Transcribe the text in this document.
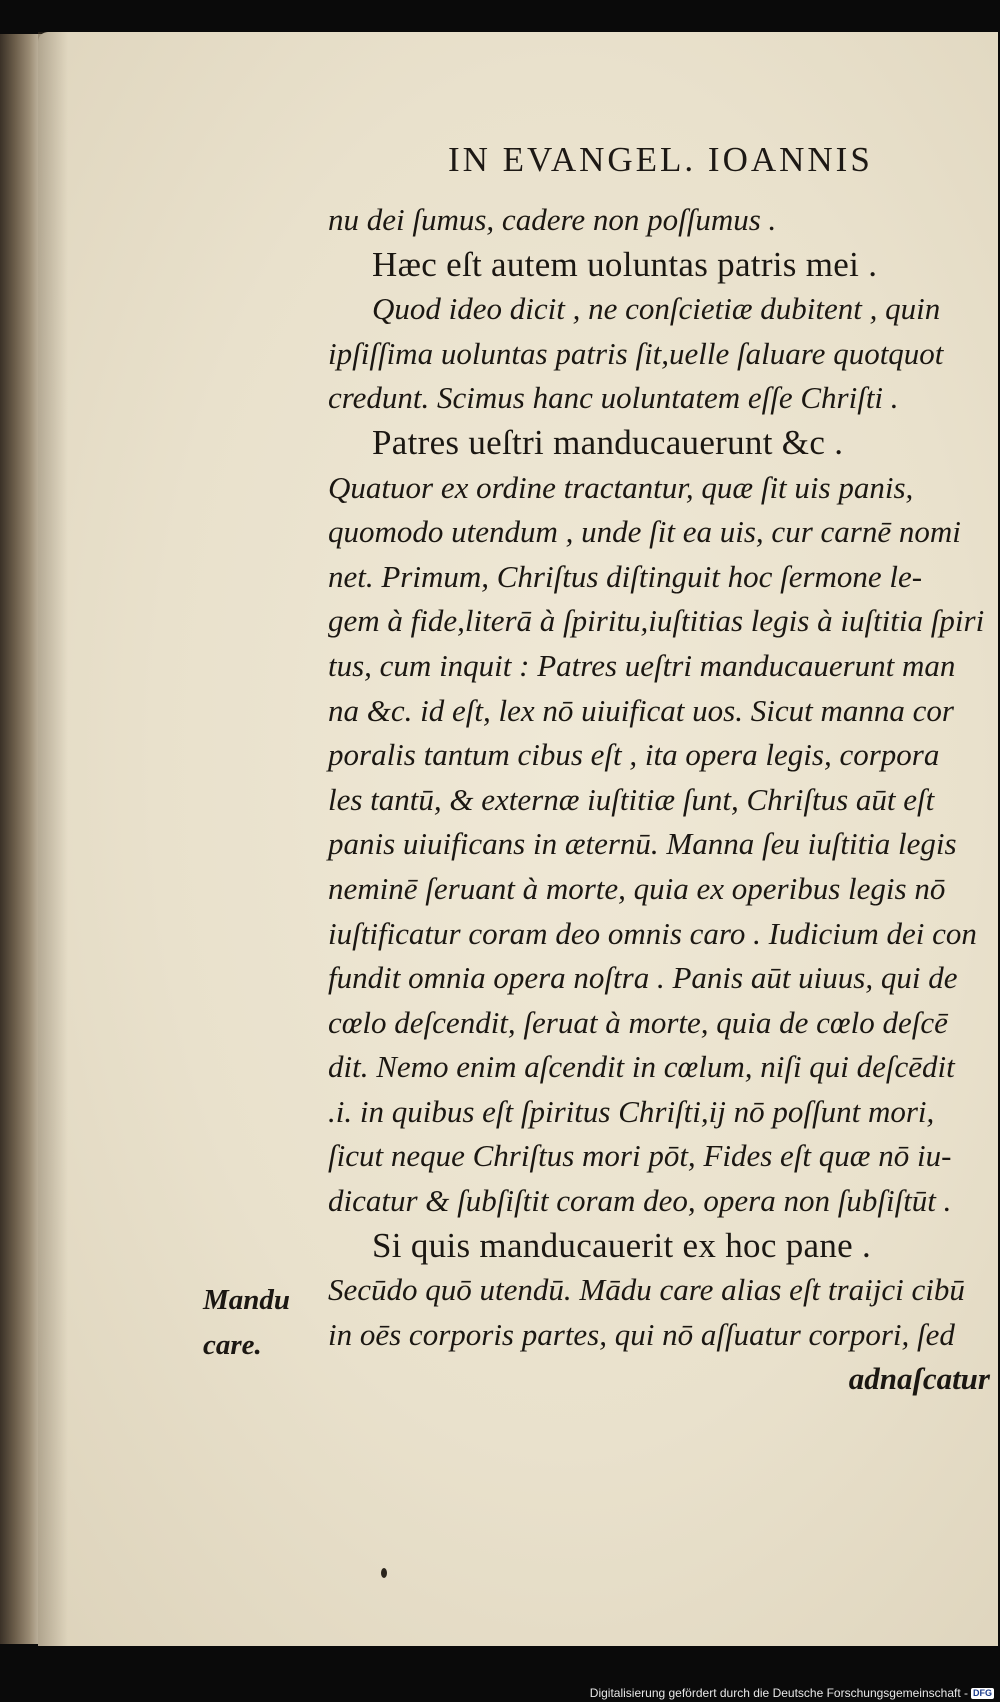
IN EVANGEL. IOANNIS
nu dei ſumus, cadere non poſſumus .
Hæc eſt autem uoluntas patris mei .
Quod ideo dicit , ne conſcietiæ dubitent , quin
ipſiſſima uoluntas patris ſit,uelle ſaluare quotquot
credunt. Scimus hanc uoluntatem eſſe Chriſti .
Patres ueſtri manducauerunt &c .
Quatuor ex ordine tractantur, quæ ſit uis panis,
quomodo utendum , unde ſit ea uis, cur carnē nomi
net. Primum, Chriſtus diſtinguit hoc ſermone le-
gem à fide,literā à ſpiritu,iuſtitias legis à iuſtitia ſpiri
tus, cum inquit : Patres ueſtri manducauerunt man
na &c. id eſt, lex nō uiuificat uos. Sicut manna cor
poralis tantum cibus eſt , ita opera legis, corpora
les tantū, & externæ iuſtitiæ ſunt, Chriſtus aūt eſt
panis uiuificans in æternū. Manna ſeu iuſtitia legis
neminē ſeruant à morte, quia ex operibus legis nō
iuſtificatur coram deo omnis caro . Iudicium dei con
fundit omnia opera noſtra . Panis aūt uiuus, qui de
cœlo deſcendit, ſeruat à morte, quia de cœlo deſcē
dit. Nemo enim aſcendit in cœlum, niſi qui deſcēdit
.i. in quibus eſt ſpiritus Chriſti,ij nō poſſunt mori,
ſicut neque Chriſtus mori pōt, Fides eſt quæ nō iu-
dicatur & ſubſiſtit coram deo, opera non ſubſiſtūt .
Si quis manducauerit ex hoc pane .
Secūdo quō utendū. Mādu care alias eſt traijci cibū
in oēs corporis partes, qui nō aſſuatur corpori, ſed
adnaſcatur
Mandu
care.
Digitalisierung gefördert durch die Deutsche Forschungsgemeinschaft - DFG
